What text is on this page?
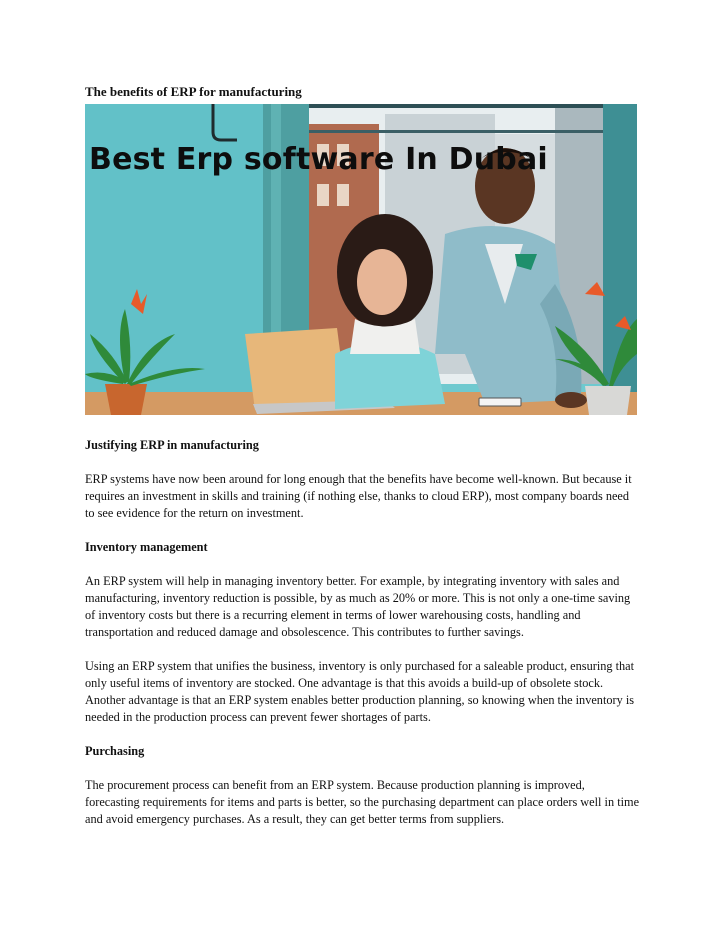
The benefits of ERP for manufacturing
Best Erp software In Dubai
Justifying ERP in manufacturing

ERP systems have now been around for long enough that the benefits have become well-known. But because it requires an investment in skills and training (if nothing else, thanks to cloud ERP), most company boards need to see evidence for the return on investment.

Inventory management

An ERP system will help in managing inventory better. For example, by integrating inventory with sales and manufacturing, inventory reduction is possible, by as much as 20% or more. This is not only a one-time saving of inventory costs but there is a recurring element in terms of lower warehousing costs, handling and transportation and reduced damage and obsolescence. This contributes to further savings.

Using an ERP system that unifies the business, inventory is only purchased for a saleable product, ensuring that only useful items of inventory are stocked. One advantage is that this avoids a build-up of obsolete stock. Another advantage is that an ERP system enables better production planning, so knowing when the inventory is needed in the production process can prevent fewer shortages of parts.

Purchasing

The procurement process can benefit from an ERP system. Because production planning is improved, forecasting requirements for items and parts is better, so the purchasing department can place orders well in time and avoid emergency purchases. As a result, they can get better terms from suppliers.
